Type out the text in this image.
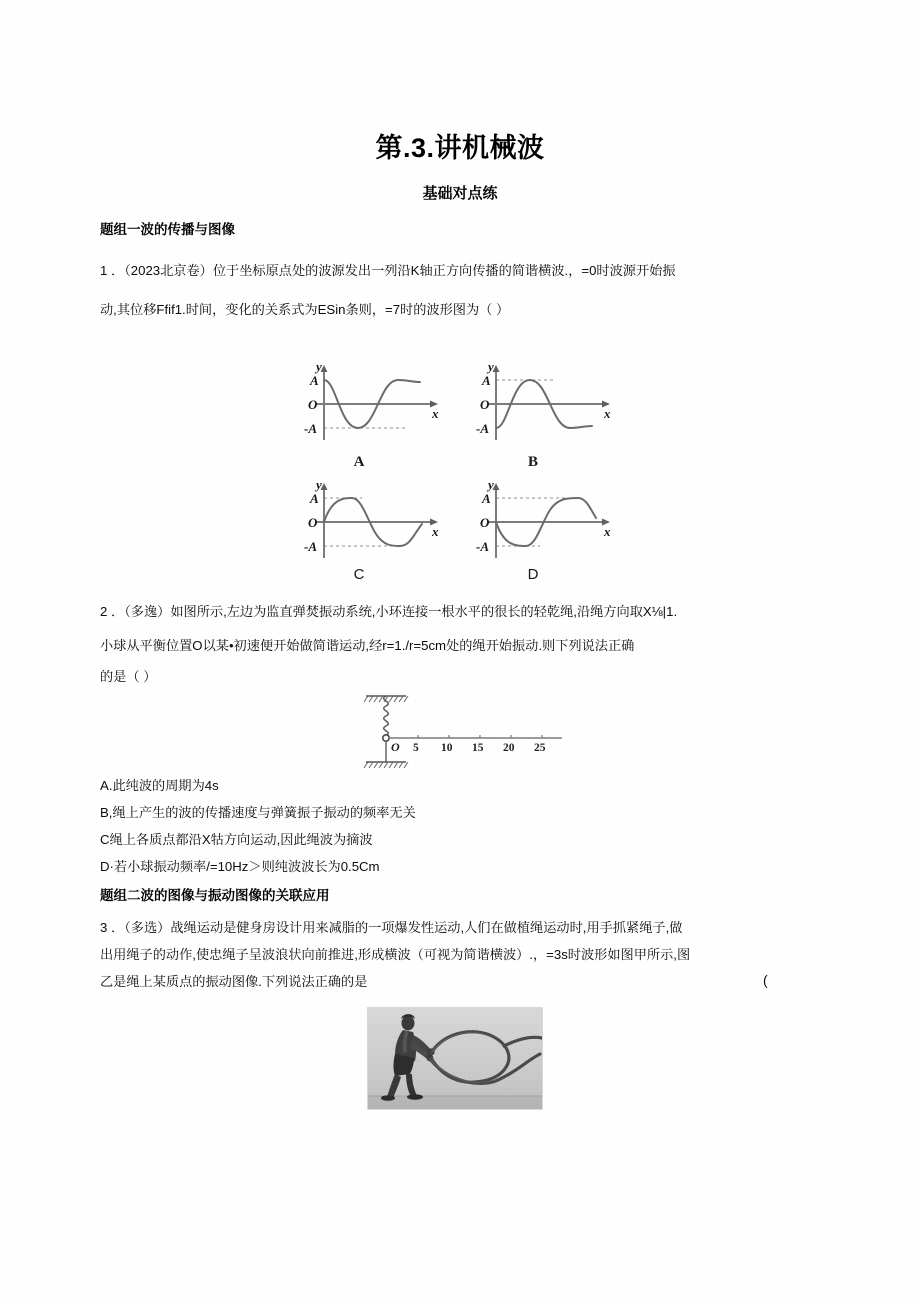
第.3.讲机械波
基础对点练
题组一波的传播与图像
1 ．（2023北京卷）位于坐标原点处的波源发出一列沿K轴正方向传播的简谐横波.，=0时波源开始振
动,其位移Ffif1.时间，变化的关系式为ESin条则，=7时的波形图为（ ）
A
O
-A
y
x
A
O
-A
y
x
A
O
-A
y
x
A
O
-A
y
x
A	B
C	D
2 ．（多逸）如图所示,左边为监直弹焚振动系统,小环连接一根水平的很长的轻乾绳,沿绳方向取X⅛|1.
小球从平衡位置O以某•初速便开始做简谐运动,经r=1./r=5cm处的绳开始振动.则下列说法正确
的是（ ）
O 5 10 15 20 25
A.此纯波的周期为4s
B,绳上产生的波的传播速度与弹簧振子振动的频率无关
C绳上各质点都沿X牯方向运动,因此绳波为摘波
D·若小球振动频率/=10Hz＞则纯波波长为0.5Cm
题组二波的图像与振动图像的关联应用
3 ．（多选）战绳运动是健身房设计用来减脂的一项爆发性运动,人们在做植绳运动时,用手抓紧绳子,做
出用绳子的动作,使忠绳子呈波浪状向前推进,形成横波（可视为简谐横波）.，=3s时波形如图甲所示,图
乙是绳上某质点的振动图像.下列说法正确的是	(
